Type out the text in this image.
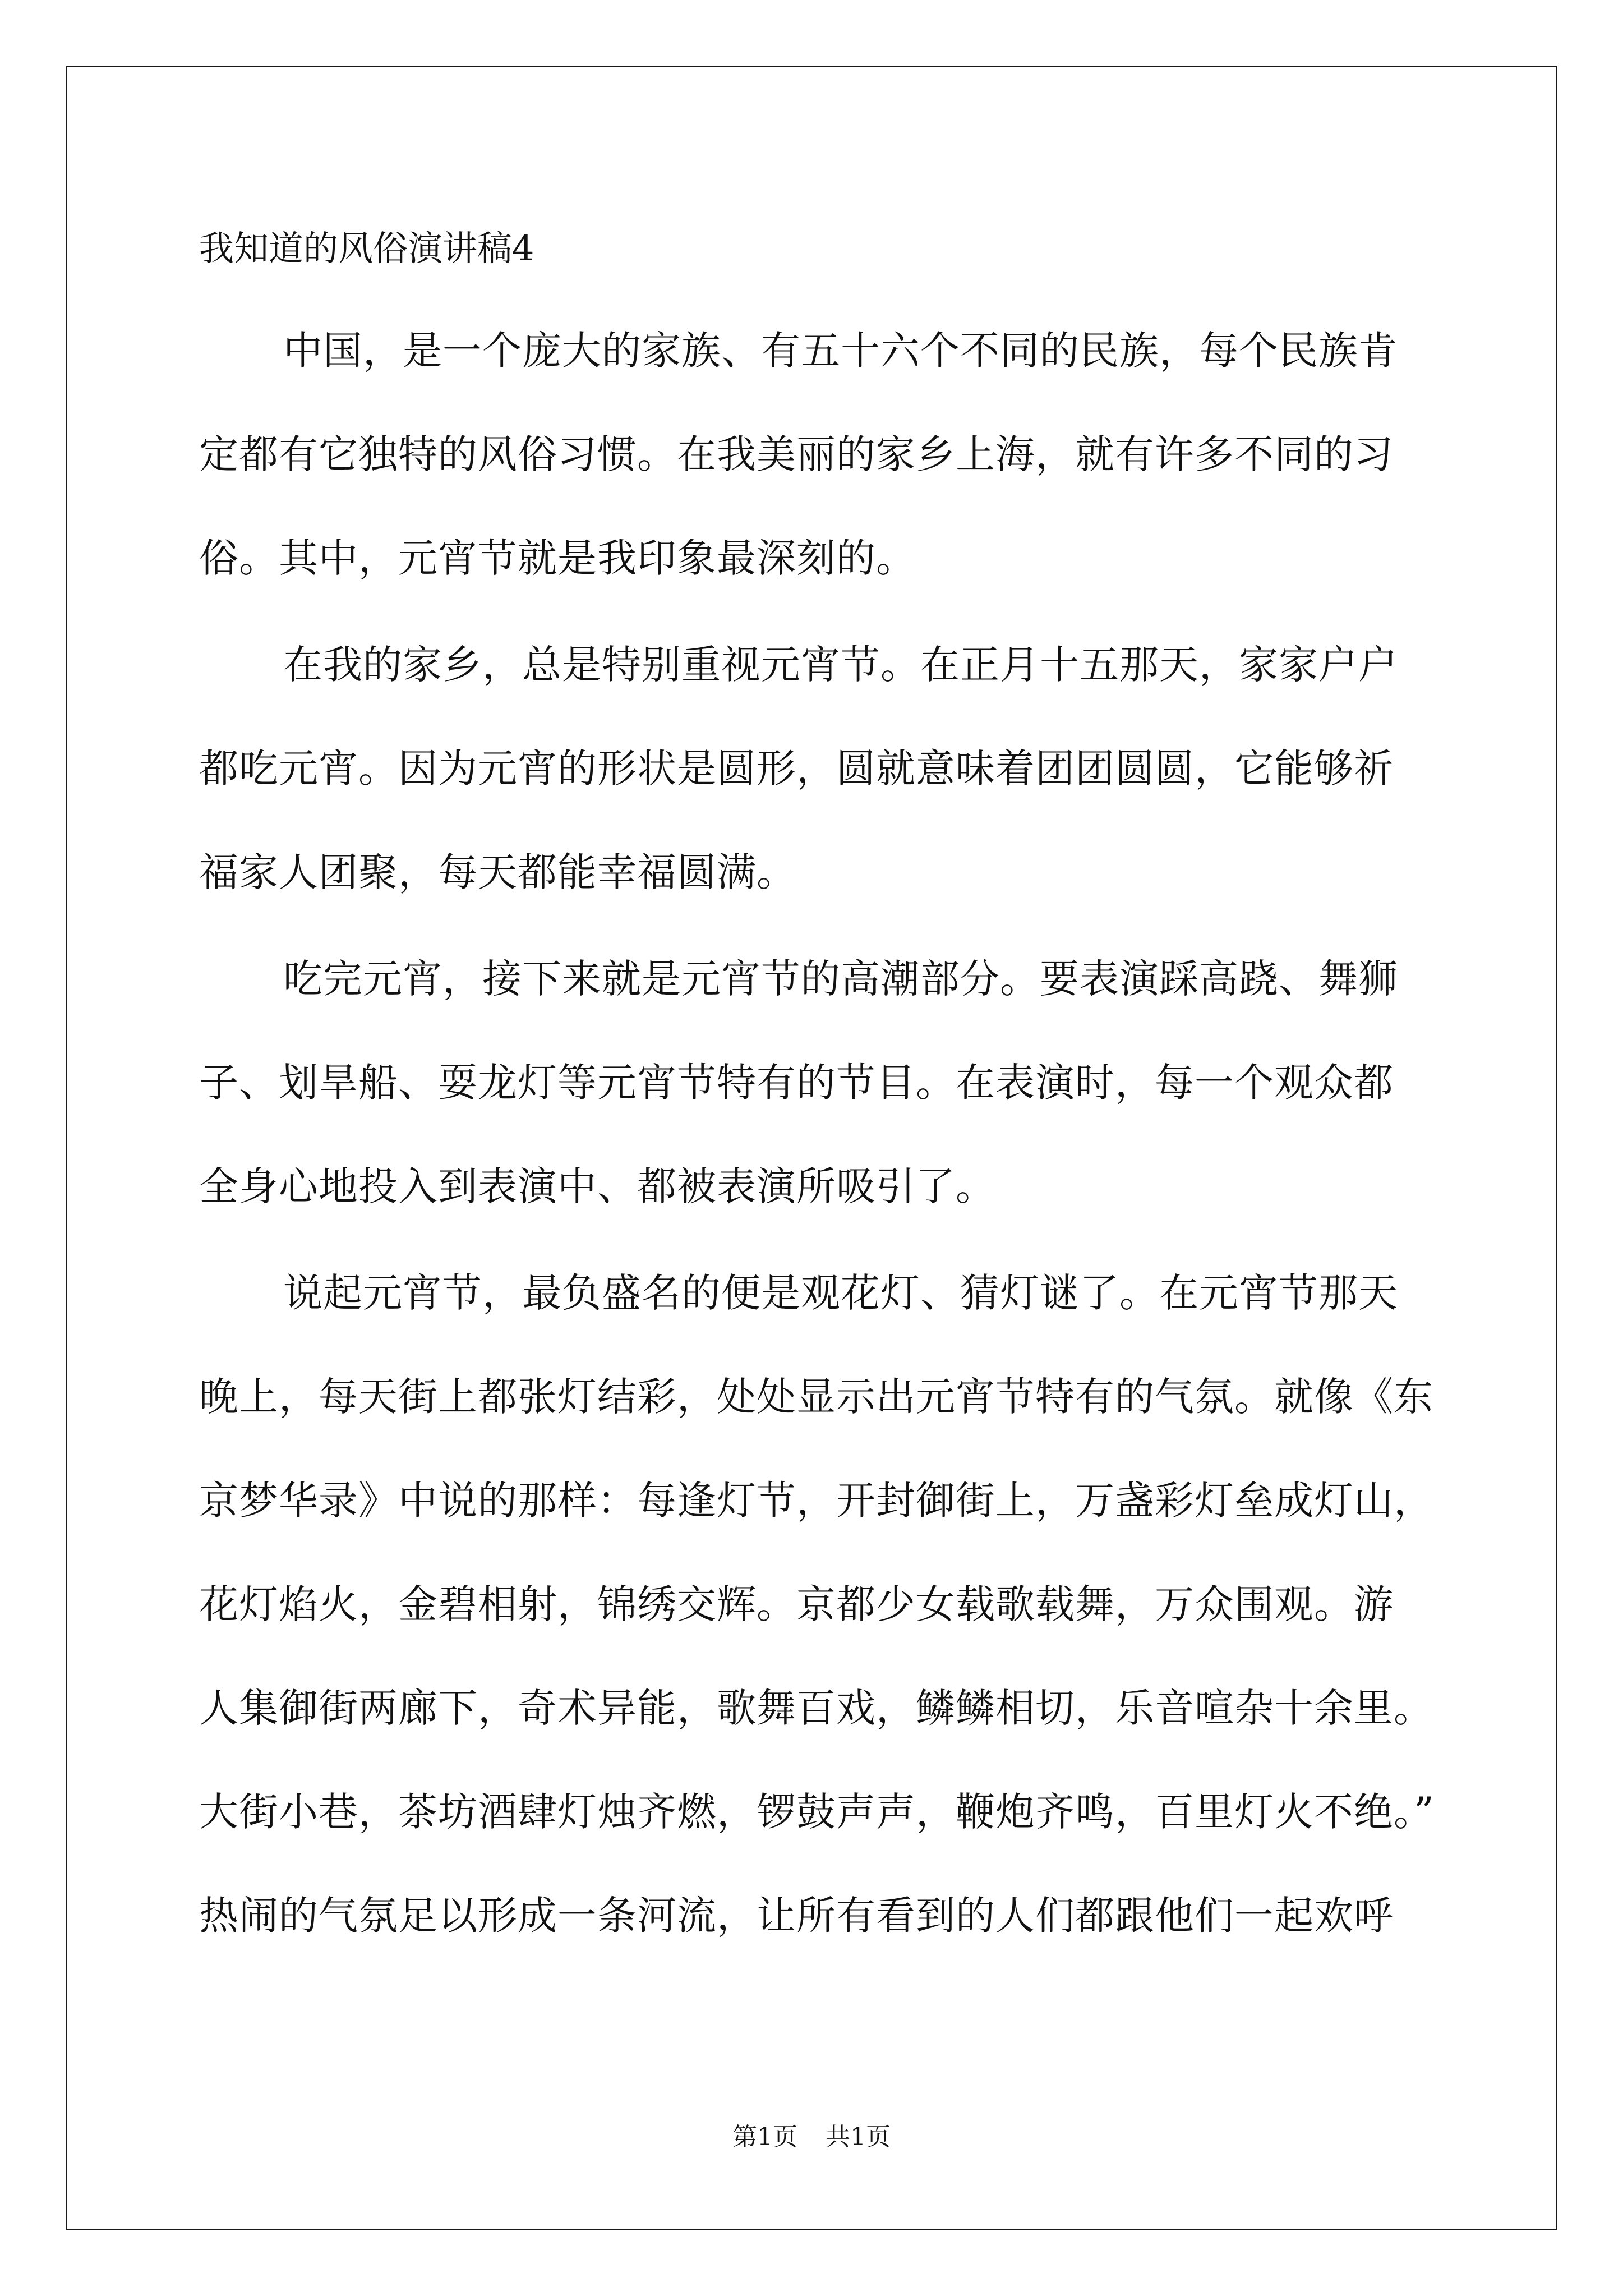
我知道的风俗演讲稿4

中国，是一个庞大的家族、有五十六个不同的民族，每个民族肯

定都有它独特的风俗习惯。在我美丽的家乡上海，就有许多不同的习

俗。其中，元宵节就是我印象最深刻的。

在我的家乡，总是特别重视元宵节。在正月十五那天，家家户户

都吃元宵。因为元宵的形状是圆形，圆就意味着团团圆圆，它能够祈

福家人团聚，每天都能幸福圆满。

吃完元宵，接下来就是元宵节的高潮部分。要表演踩高跷、舞狮

子、划旱船、耍龙灯等元宵节特有的节目。在表演时，每一个观众都

全身心地投入到表演中、都被表演所吸引了。

说起元宵节，最负盛名的便是观花灯、猜灯谜了。在元宵节那天

晚上，每天街上都张灯结彩，处处显示出元宵节特有的气氛。就像《东

京梦华录》中说的那样：每逢灯节，开封御街上，万盏彩灯垒成灯山，

花灯焰火，金碧相射，锦绣交辉。京都少女载歌载舞，万众围观。游

人集御街两廊下，奇术异能，歌舞百戏，鳞鳞相切，乐音喧杂十余里。

大街小巷，茶坊酒肆灯烛齐燃，锣鼓声声，鞭炮齐鸣，百里灯火不绝。”

热闹的气氛足以形成一条河流，让所有看到的人们都跟他们一起欢呼

第1页 共1页
